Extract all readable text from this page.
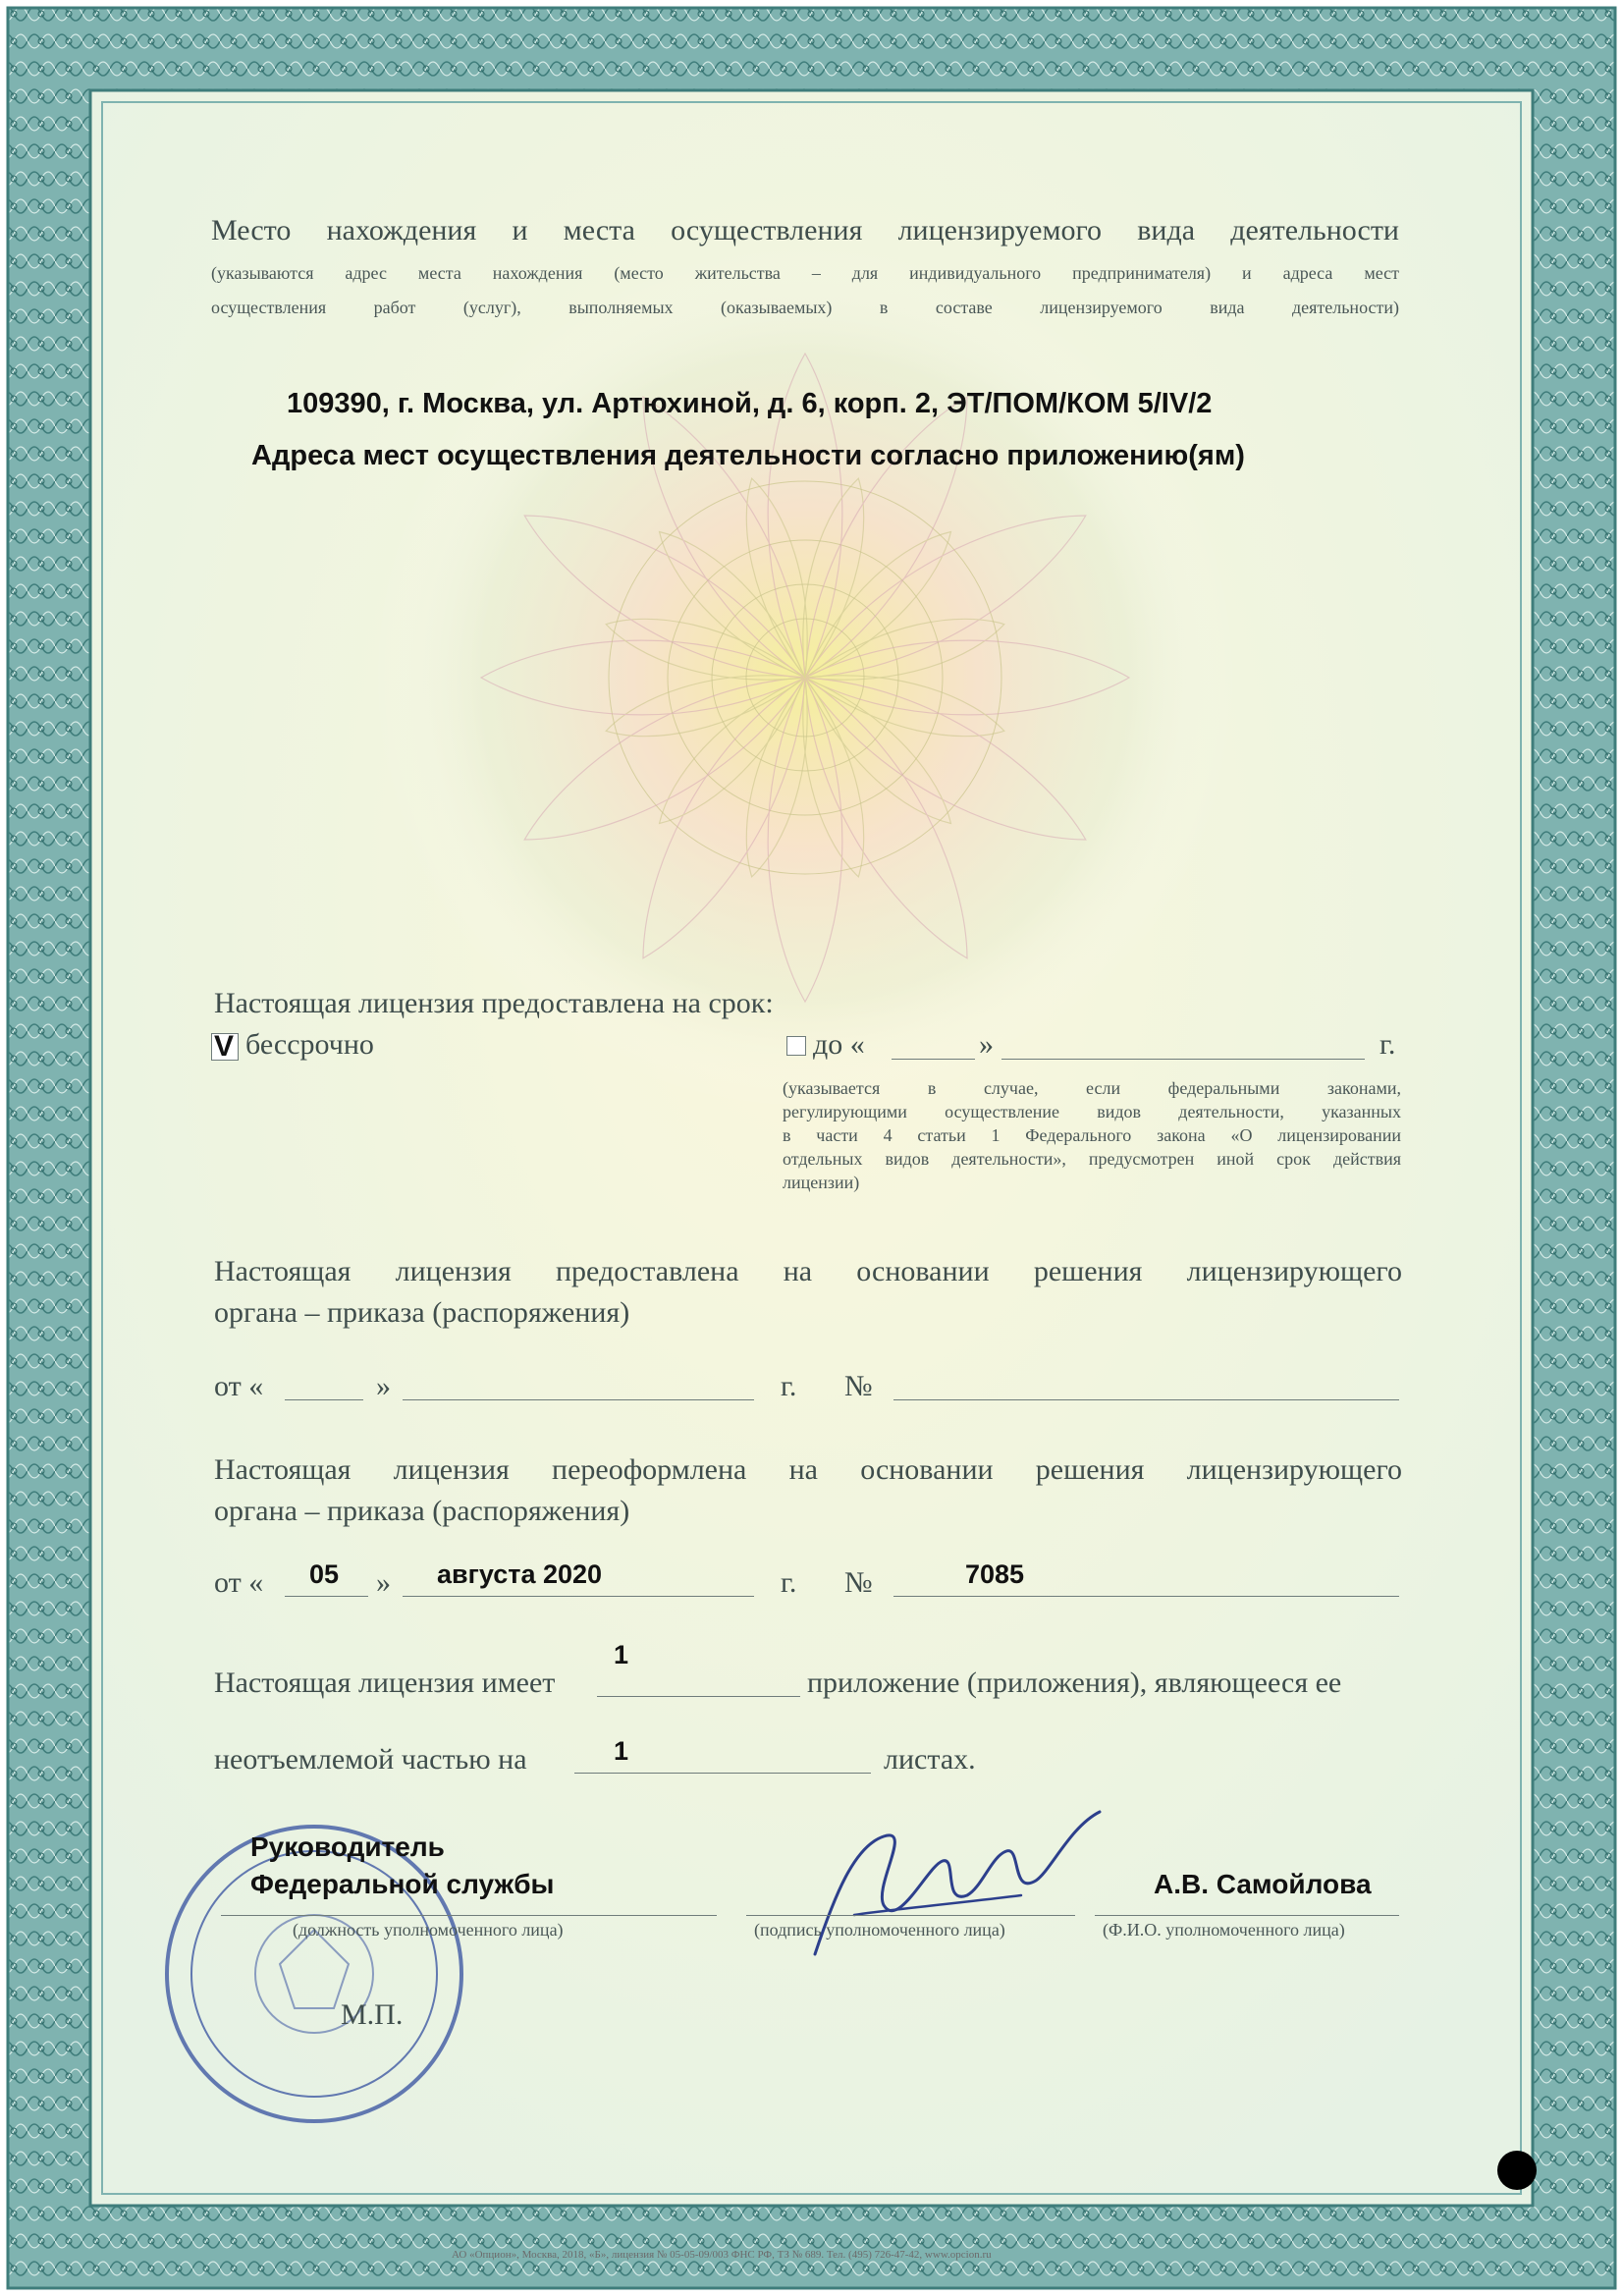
Место нахождения и места осуществления лицензируемого вида деятельности
(указываются адрес места нахождения (место жительства – для индивидуального предпринимателя) и адреса мест
осуществления работ (услуг), выполняемых (оказываемых) в составе лицензируемого вида деятельности)
109390, г. Москва, ул. Артюхиной, д. 6, корп. 2, ЭТ/ПОМ/КОМ 5/IV/2
Адреса мест осуществления деятельности согласно приложению(ям)
Настоящая лицензия предоставлена на срок:
V бессрочно	до «	»	г.
(указывается в случае, если федеральными законами,
регулирующими осуществление видов деятельности, указанных
в части 4 статьи 1 Федерального закона «О лицензировании
отдельных видов деятельности», предусмотрен иной срок действия
лицензии)
Настоящая лицензия предоставлена на основании решения лицензирующего
органа – приказа (распоряжения)
от «	»	г. №
Настоящая лицензия переоформлена на основании решения лицензирующего
органа – приказа (распоряжения)
от « 05 » августа 2020	г. №	7085
1
Настоящая лицензия имеет	приложение (приложения), являющееся ее
неотъемлемой частью на	1	листах.
Руководитель
Федеральной службы	А.В. Самойлова
(должность уполномоченного лица)	(подпись уполномоченного лица)	(Ф.И.О. уполномоченного лица)
М.П.
АО «Опцион», Москва, 2018, «Б», лицензия № 05-05-09/003 ФНС РФ, ТЗ № 689. Тел. (495) 726-47-42, www.opcion.ru
